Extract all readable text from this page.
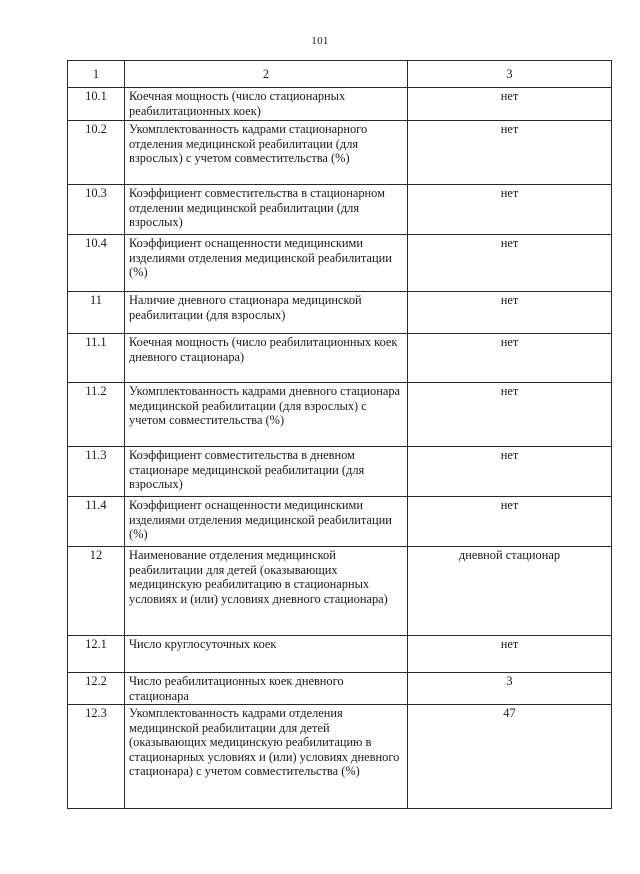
101
1	2	3
10.1	Коечная мощность (число стационарных реабилитационных коек)	нет
10.2	Укомплектованность кадрами стационарного отделения медицинской реабилитации (для взрослых) с учетом совместительства (%)	нет
10.3	Коэффициент совместительства в стационарном отделении медицинской реабилитации (для взрослых)	нет
10.4	Коэффициент оснащенности медицинскими изделиями отделения медицинской реабилитации (%)	нет
11	Наличие дневного стационара медицинской реабилитации (для взрослых)	нет
11.1	Коечная мощность (число реабилитационных коек дневного стационара)	нет
11.2	Укомплектованность кадрами дневного стационара медицинской реабилитации (для взрослых) с учетом совместительства (%)	нет
11.3	Коэффициент совместительства в дневном стационаре медицинской реабилитации (для взрослых)	нет
11.4	Коэффициент оснащенности медицинскими изделиями отделения медицинской реабилитации (%)	нет
12	Наименование отделения медицинской реабилитации для детей (оказывающих медицинскую реабилитацию в стационарных условиях и (или) условиях дневного стационара)	дневной стационар
12.1	Число круглосуточных коек	нет
12.2	Число реабилитационных коек дневного стационара	3
12.3	Укомплектованность кадрами отделения медицинской реабилитации для детей (оказывающих медицинскую реабилитацию в стационарных условиях и (или) условиях дневного стационара) с учетом совместительства (%)	47
